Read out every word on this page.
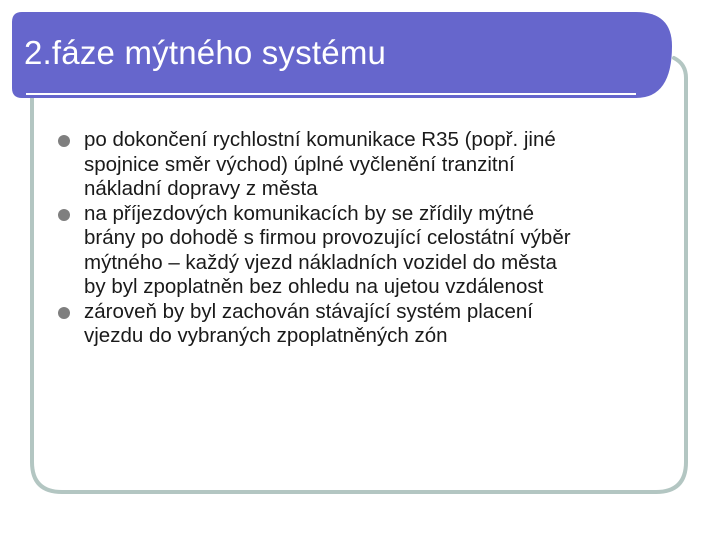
2.fáze mýtného systému
po dokončení rychlostní komunikace R35 (popř. jiné
spojnice směr východ) úplné vyčlenění tranzitní
nákladní dopravy z města
na příjezdových komunikacích by se zřídily mýtné
brány po dohodě s firmou provozující celostátní výběr
mýtného – každý vjezd nákladních vozidel do města
by byl zpoplatněn bez ohledu na ujetou vzdálenost
zároveň by byl zachován stávající systém placení
vjezdu do vybraných zpoplatněných zón
